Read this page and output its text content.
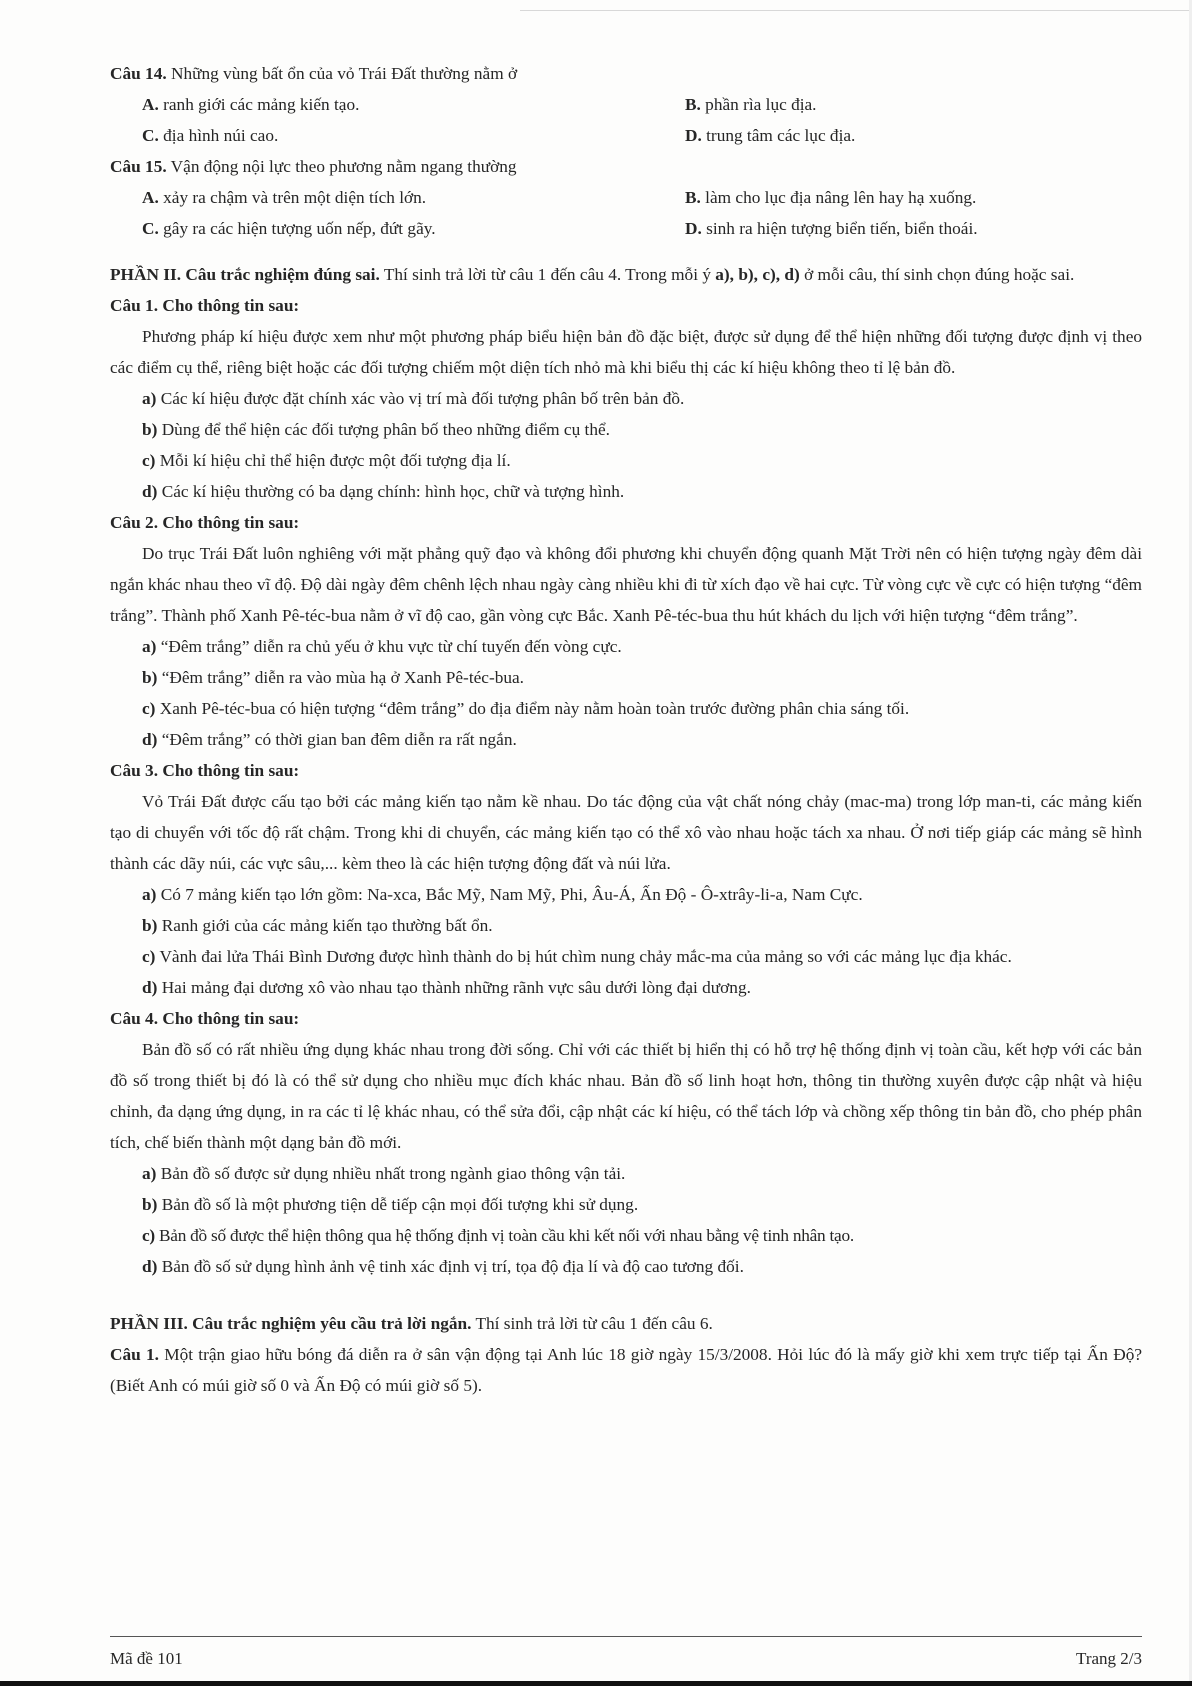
Câu 14. Những vùng bất ổn của vỏ Trái Đất thường nằm ở
A. ranh giới các mảng kiến tạo.	B. phần rìa lục địa.
C. địa hình núi cao.	D. trung tâm các lục địa.
Câu 15. Vận động nội lực theo phương nằm ngang thường
A. xảy ra chậm và trên một diện tích lớn.	B. làm cho lục địa nâng lên hay hạ xuống.
C. gây ra các hiện tượng uốn nếp, đứt gãy.	D. sinh ra hiện tượng biển tiến, biển thoái.
PHẦN II. Câu trắc nghiệm đúng sai. Thí sinh trả lời từ câu 1 đến câu 4. Trong mỗi ý a), b), c), d) ở mỗi câu, thí sinh chọn đúng hoặc sai.
Câu 1. Cho thông tin sau:
Phương pháp kí hiệu được xem như một phương pháp biểu hiện bản đồ đặc biệt, được sử dụng để thể hiện những đối tượng được định vị theo các điểm cụ thể, riêng biệt hoặc các đối tượng chiếm một diện tích nhỏ mà khi biểu thị các kí hiệu không theo tỉ lệ bản đồ.
a) Các kí hiệu được đặt chính xác vào vị trí mà đối tượng phân bố trên bản đồ.
b) Dùng để thể hiện các đối tượng phân bố theo những điểm cụ thể.
c) Mỗi kí hiệu chỉ thể hiện được một đối tượng địa lí.
d) Các kí hiệu thường có ba dạng chính: hình học, chữ và tượng hình.
Câu 2. Cho thông tin sau:
Do trục Trái Đất luôn nghiêng với mặt phẳng quỹ đạo và không đổi phương khi chuyển động quanh Mặt Trời nên có hiện tượng ngày đêm dài ngắn khác nhau theo vĩ độ. Độ dài ngày đêm chênh lệch nhau ngày càng nhiều khi đi từ xích đạo về hai cực. Từ vòng cực về cực có hiện tượng “đêm trắng”. Thành phố Xanh Pê-téc-bua nằm ở vĩ độ cao, gần vòng cực Bắc. Xanh Pê-téc-bua thu hút khách du lịch với hiện tượng “đêm trắng”.
a) “Đêm trắng” diễn ra chủ yếu ở khu vực từ chí tuyến đến vòng cực.
b) “Đêm trắng” diễn ra vào mùa hạ ở Xanh Pê-téc-bua.
c) Xanh Pê-téc-bua có hiện tượng “đêm trắng” do địa điểm này nằm hoàn toàn trước đường phân chia sáng tối.
d) “Đêm trắng” có thời gian ban đêm diễn ra rất ngắn.
Câu 3. Cho thông tin sau:
Vỏ Trái Đất được cấu tạo bởi các mảng kiến tạo nằm kề nhau. Do tác động của vật chất nóng chảy (mac-ma) trong lớp man-ti, các mảng kiến tạo di chuyển với tốc độ rất chậm. Trong khi di chuyển, các mảng kiến tạo có thể xô vào nhau hoặc tách xa nhau. Ở nơi tiếp giáp các mảng sẽ hình thành các dãy núi, các vực sâu,... kèm theo là các hiện tượng động đất và núi lửa.
a) Có 7 mảng kiến tạo lớn gồm: Na-xca, Bắc Mỹ, Nam Mỹ, Phi, Âu-Á, Ấn Độ - Ô-xtrây-li-a, Nam Cực.
b) Ranh giới của các mảng kiến tạo thường bất ổn.
c) Vành đai lửa Thái Bình Dương được hình thành do bị hút chìm nung chảy mắc-ma của mảng so với các mảng lục địa khác.
d) Hai mảng đại dương xô vào nhau tạo thành những rãnh vực sâu dưới lòng đại dương.
Câu 4. Cho thông tin sau:
Bản đồ số có rất nhiều ứng dụng khác nhau trong đời sống. Chỉ với các thiết bị hiển thị có hỗ trợ hệ thống định vị toàn cầu, kết hợp với các bản đồ số trong thiết bị đó là có thể sử dụng cho nhiều mục đích khác nhau. Bản đồ số linh hoạt hơn, thông tin thường xuyên được cập nhật và hiệu chỉnh, đa dạng ứng dụng, in ra các tỉ lệ khác nhau, có thể sửa đổi, cập nhật các kí hiệu, có thể tách lớp và chồng xếp thông tin bản đồ, cho phép phân tích, chế biến thành một dạng bản đồ mới.
a) Bản đồ số được sử dụng nhiều nhất trong ngành giao thông vận tải.
b) Bản đồ số là một phương tiện dễ tiếp cận mọi đối tượng khi sử dụng.
c) Bản đồ số được thể hiện thông qua hệ thống định vị toàn cầu khi kết nối với nhau bằng vệ tinh nhân tạo.
d) Bản đồ số sử dụng hình ảnh vệ tinh xác định vị trí, tọa độ địa lí và độ cao tương đối.
PHẦN III. Câu trắc nghiệm yêu cầu trả lời ngắn. Thí sinh trả lời từ câu 1 đến câu 6.
Câu 1. Một trận giao hữu bóng đá diễn ra ở sân vận động tại Anh lúc 18 giờ ngày 15/3/2008. Hỏi lúc đó là mấy giờ khi xem trực tiếp tại Ấn Độ? (Biết Anh có múi giờ số 0 và Ấn Độ có múi giờ số 5).
Mã đề 101	Trang 2/3
